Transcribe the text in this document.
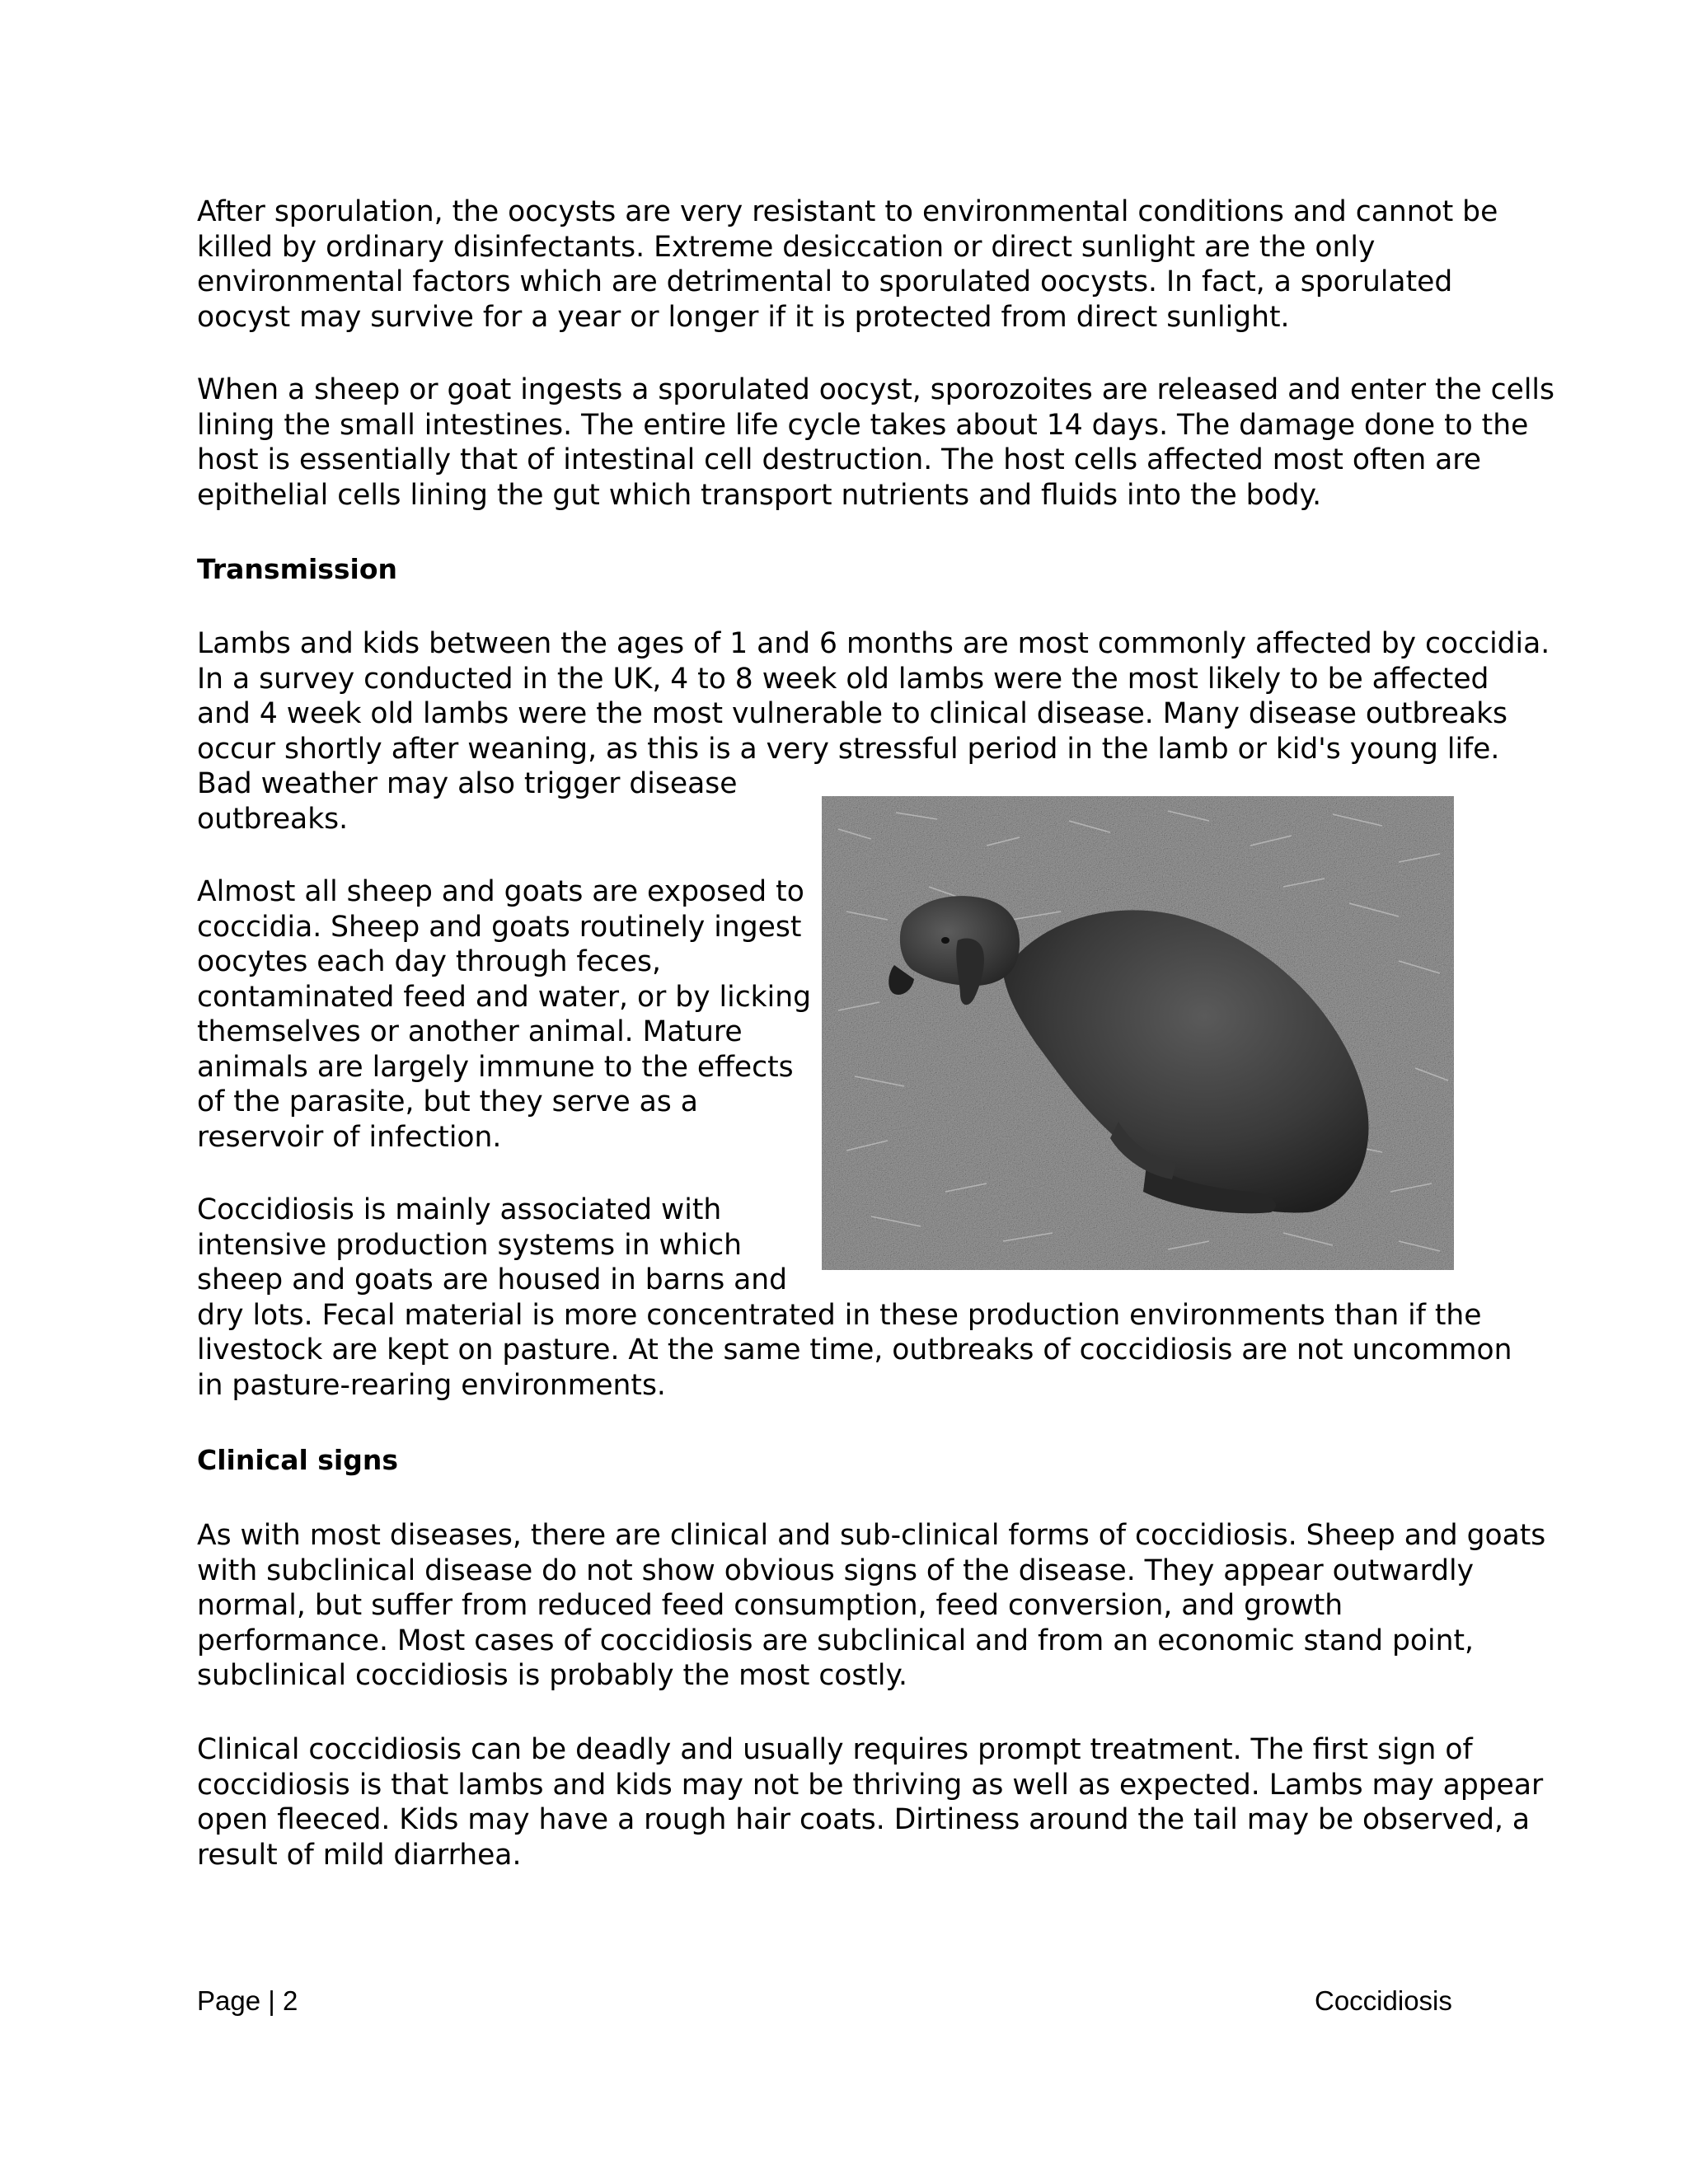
After sporulation, the oocysts are very resistant to environmental conditions and cannot be
killed by ordinary disinfectants. Extreme desiccation or direct sunlight are the only
environmental factors which are detrimental to sporulated oocysts. In fact, a sporulated
oocyst may survive for a year or longer if it is protected from direct sunlight.
When a sheep or goat ingests a sporulated oocyst, sporozoites are released and enter the cells
lining the small intestines. The entire life cycle takes about 14 days. The damage done to the
host is essentially that of intestinal cell destruction. The host cells affected most often are
epithelial cells lining the gut which transport nutrients and fluids into the body.
Transmission
Lambs and kids between the ages of 1 and 6 months are most commonly affected by coccidia.
In a survey conducted in the UK, 4 to 8 week old lambs were the most likely to be affected
and 4 week old lambs were the most vulnerable to clinical disease. Many disease outbreaks
occur shortly after weaning, as this is a very stressful period in the lamb or kid's young life.
Bad weather may also trigger disease
outbreaks.
Almost all sheep and goats are exposed to
coccidia. Sheep and goats routinely ingest
oocytes each day through feces,
contaminated feed and water, or by licking
themselves or another animal. Mature
animals are largely immune to the effects
of the parasite, but they serve as a
reservoir of infection.
Coccidiosis is mainly associated with
intensive production systems in which
sheep and goats are housed in barns and
dry lots. Fecal material is more concentrated in these production environments than if the
livestock are kept on pasture. At the same time, outbreaks of coccidiosis are not uncommon
in pasture-rearing environments.
Clinical signs
As with most diseases, there are clinical and sub-clinical forms of coccidiosis. Sheep and goats
with subclinical disease do not show obvious signs of the disease. They appear outwardly
normal, but suffer from reduced feed consumption, feed conversion, and growth
performance. Most cases of coccidiosis are subclinical and from an economic stand point,
subclinical coccidiosis is probably the most costly.
Clinical coccidiosis can be deadly and usually requires prompt treatment. The first sign of
coccidiosis is that lambs and kids may not be thriving as well as expected. Lambs may appear
open fleeced. Kids may have a rough hair coats. Dirtiness around the tail may be observed, a
result of mild diarrhea.
Page | 2	Coccidiosis
